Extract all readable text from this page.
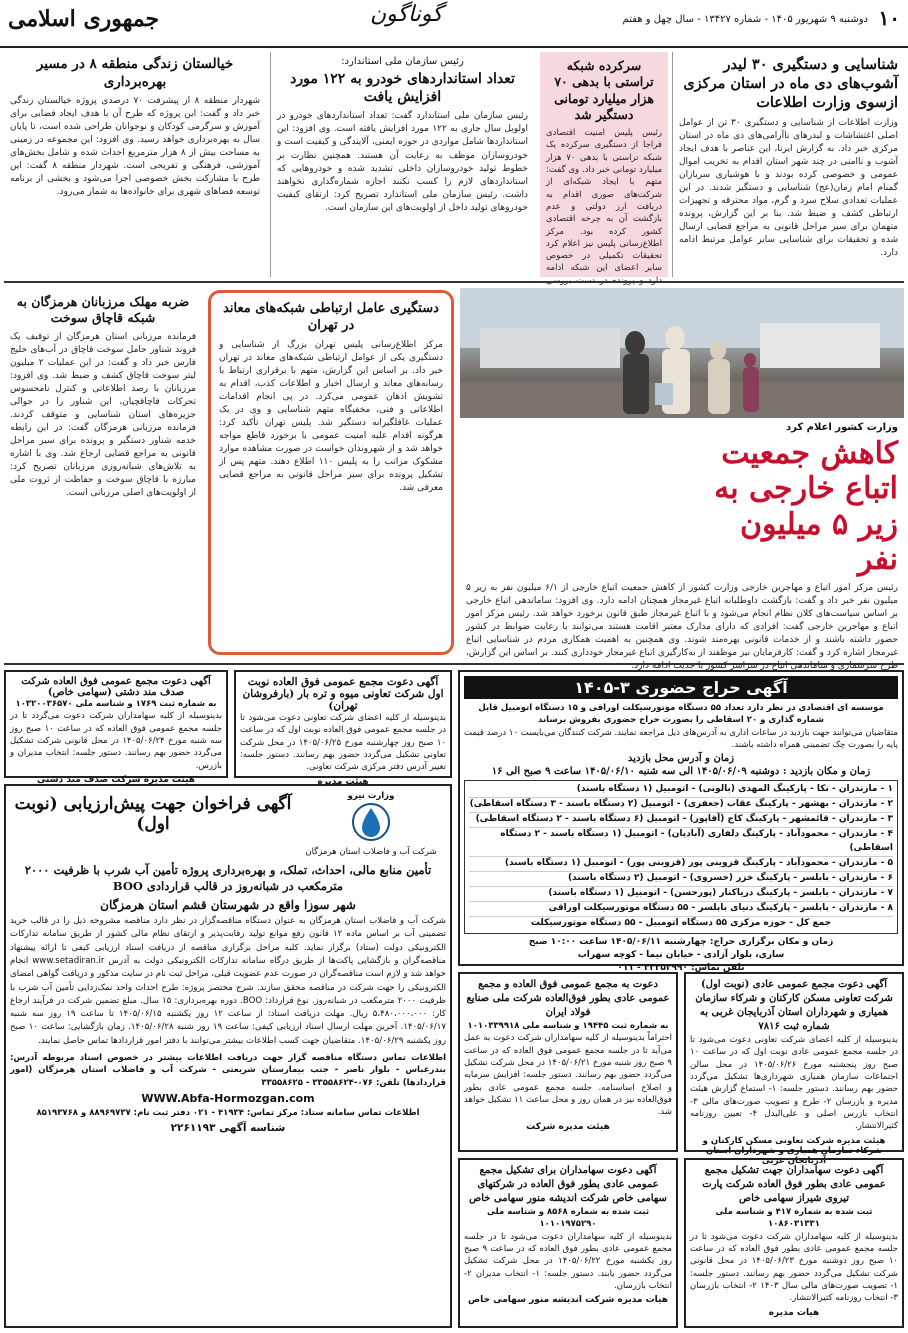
۱۰
دوشنبه ۹ شهریور ۱۴۰۵ - شماره ۱۳۴۲۷ - سال چهل و هفتم
گوناگون
جمهوری اسلامی
شناسایی و دستگیری ۳۰ لیدر آشوب‌های دی ماه در استان مرکزی ازسوی وزارت اطلاعات
وزارت اطلاعات از شناسایی و دستگیری ۳۰ تن از عوامل اصلی اغتشاشات و لیدرهای ناآرامی‌های دی ماه در استان مرکزی خبر داد. به گزارش ایرنا، این عناصر با هدف ایجاد آشوب و ناامنی در چند شهر استان اقدام به تخریب اموال عمومی و خصوصی کرده بودند و با هوشیاری سربازان گمنام امام زمان(عج) شناسایی و دستگیر شدند. در این عملیات تعدادی سلاح سرد و گرم، مواد محترقه و تجهیزات ارتباطی کشف و ضبط شد. بنا بر این گزارش، پرونده متهمان برای سیر مراحل قانونی به مراجع قضایی ارسال شده و تحقیقات برای شناسایی سایر عوامل مرتبط ادامه دارد.
سرکرده شبکه تراستی با بدهی ۷۰ هزار میلیارد تومانی دستگیر شد
رئیس پلیس امنیت اقتصادی فراجا از دستگیری سرکرده یک شبکه تراستی با بدهی ۷۰ هزار میلیارد تومانی خبر داد. وی گفت: متهم با ایجاد شبکه‌ای از شرکت‌های صوری اقدام به دریافت ارز دولتی و عدم بازگشت آن به چرخه اقتصادی کشور کرده بود. مرکز اطلاع‌رسانی پلیس نیز اعلام کرد تحقیقات تکمیلی در خصوص سایر اعضای این شبکه ادامه دارد و پرونده در دست بررسی
رئیس سازمان ملی استاندارد:
تعداد استانداردهای خودرو به ۱۲۲ مورد افزایش یافت
رئیس سازمان ملی استاندارد گفت: تعداد استانداردهای خودرو در اولویل سال جاری به ۱۲۲ مورد افزایش یافته است. وی افزود: این استانداردها شامل مواردی در حوزه ایمنی، آلایندگی و کیفیت است و خودروسازان موظف به رعایت آن هستند. همچنین نظارت بر خطوط تولید خودروسازان داخلی تشدید شده و خودروهایی که استانداردهای لازم را کسب نکنند اجازه شماره‌گذاری نخواهند داشت. رئیس سازمان ملی استاندارد تصریح کرد: ارتقای کیفیت خودروهای تولید داخل از اولویت‌های این سازمان است.
خیالستان زندگی منطقه ۸ در مسیر بهره‌برداری
شهردار منطقه ۸ از پیشرفت ۷۰ درصدی پروژه خیالستان زندگی خبر داد و گفت: این پروژه که طرح آن با هدف ایجاد فضایی برای آموزش و سرگرمی کودکان و نوجوانان طراحی شده است، تا پایان سال به بهره‌برداری خواهد رسید. وی افزود: این مجموعه در زمینی به مساحت بیش از ۸ هزار مترمربع احداث شده و شامل بخش‌های آموزشی، فرهنگی و تفریحی است. شهردار منطقه ۸ گفت: این طرح با مشارکت بخش خصوصی اجرا می‌شود و بخشی از برنامه توسعه فضاهای شهری برای خانواده‌ها به شمار می‌رود.
وزارت کشور اعلام کرد
کاهش جمعیت اتباع خارجی به زیر ۵ میلیون نفر
رئیس مرکز امور اتباع و مهاجرین خارجی وزارت کشور از کاهش جمعیت اتباع خارجی از ۶/۱ میلیون نفر به زیر ۵ میلیون نفر خبر داد و گفت: بازگشت داوطلبانه اتباع غیرمجاز همچنان ادامه دارد. وی افزود: ساماندهی اتباع خارجی بر اساس سیاست‌های کلان نظام انجام می‌شود و با اتباع غیرمجاز طبق قانون برخورد خواهد شد. رئیس مرکز امور اتباع و مهاجرین خارجی گفت: افرادی که دارای مدارک معتبر اقامت هستند می‌توانند با رعایت ضوابط در کشور حضور داشته باشند و از خدمات قانونی بهره‌مند شوند. وی همچنین به اهمیت همکاری مردم در شناسایی اتباع غیرمجاز اشاره کرد و گفت: کارفرمایان نیز موظفند از به‌کارگیری اتباع غیرمجاز خودداری کنند. بر اساس این گزارش، طرح سرشماری و ساماندهی اتباع در سراسر کشور با جدیت ادامه دارد.
دستگیری عامل ارتباطی شبکه‌های معاند در تهران
مرکز اطلاع‌رسانی پلیس تهران بزرگ از شناسایی و دستگیری یکی از عوامل ارتباطی شبکه‌های معاند در تهران خبر داد. بر اساس این گزارش، متهم با برقراری ارتباط با رسانه‌های معاند و ارسال اخبار و اطلاعات کذب، اقدام به تشویش اذهان عمومی می‌کرد. در پی انجام اقدامات اطلاعاتی و فنی، مخفیگاه متهم شناسایی و وی در یک عملیات غافلگیرانه دستگیر شد. پلیس تهران تأکید کرد: هرگونه اقدام علیه امنیت عمومی با برخورد قاطع مواجه خواهد شد و از شهروندان خواست در صورت مشاهده موارد مشکوک مراتب را به پلیس ۱۱۰ اطلاع دهند. متهم پس از تشکیل پرونده برای سیر مراحل قانونی به مراجع قضایی معرفی شد.
ضربه مهلک مرزبانان هرمزگان به شبکه قاچاق سوخت
فرمانده مرزبانی استان هرمزگان از توقیف یک فروند شناور حامل سوخت قاچاق در آب‌های خلیج فارس خبر داد و گفت: در این عملیات ۲ میلیون لیتر سوخت قاچاق کشف و ضبط شد. وی افزود: مرزبانان با رصد اطلاعاتی و کنترل نامحسوس تحرکات قاچاقچیان، این شناور را در حوالی جزیره‌های استان شناسایی و متوقف کردند. فرمانده مرزبانی هرمزگان گفت: در این رابطه خدمه شناور دستگیر و پرونده برای سیر مراحل قانونی به مراجع قضایی ارجاع شد. وی با اشاره به تلاش‌های شبانه‌روزی مرزبانان تصریح کرد: مبارزه با قاچاق سوخت و حفاظت از ثروت ملی از اولویت‌های اصلی مرزبانی است.
آگهی حراج حضوری ۳-۱۴۰۵
موسسه ای اقتصادی در نظر دارد تعداد ۵۵ دستگاه موتورسیکلت اوراقی و ۱۵ دستگاه اتومبیل قابل شماره گذاری و ۲۰ اسقاطی را بصورت حراج حضوری بفروش برساند
متقاضیان می‌توانند جهت بازدید در ساعات اداری به آدرس‌های ذیل مراجعه نمایند. شرکت کنندگان می‌بایست ۱۰ درصد قیمت پایه را بصورت چک تضمینی همراه داشته باشند.
زمان و آدرس محل بازدید
زمان و مکان بازدید : دوشنبه ۱۴۰۵/۰۶/۰۹ الی سه شنبه ۱۴۰۵/۰۶/۱۰ ساعت ۹ صبح الی ۱۶
۱ - مازندران - نکا - پارکینگ المهدی (بالونی) - اتومبیل (۱ دستگاه باسند)
۲ - مازندران - بهشهر - پارکینگ عقاب (جعفری) - اتومبیل (۲ دستگاه باسند - ۳ دستگاه اسقاطی)
۳ - مازندران - قائمشهر - پارکینگ کاج (آقاپور) - اتومبیل (۶ دستگاه باسند - ۲ دستگاه اسقاطی)
۴ - مازندران - محمودآباد - پارکینگ دلفاری (آبادیان) - اتومبیل (۱ دستگاه باسند - ۲ دستگاه اسقاطی)
۵ - مازندران - محمودآباد - پارکینگ قزوینی پور (قزوینی پور) - اتومبیل (۱ دستگاه باسند)
۶ - مازندران - بابلسر - پارکینگ خزر (خسروی) - اتومبیل (۲ دستگاه باسند)
۷ - مازندران - بابلسر - پارکینگ دریاکنار (پورحسن) - اتومبیل (۱ دستگاه باسند)
۸ - مازندران - بابلسر - پارکینگ دنیای بابلسر - ۵۵ دستگاه موتورسیکلت اوراقی
جمع کل - حوزه مرکزی ۵۵ دستگاه اتومبیل - ۵۵ دستگاه موتورسیکلت
زمان و مکان برگزاری حراج: چهارشنبه ۱۴۰۵/۰۶/۱۱ ساعت ۱۰:۰۰ صبح
ساری، بلوار آزادی - خیابان نیما - کوچه سهراب
تلفن تماس: ۳۳۳۵۲۹۹۰ - ۰۱۱
آگهی دعوت مجمع عمومی فوق العاده نوبت اول شرکت تعاونی میوه و تره بار (بارفروشان تهران)
بدینوسیله از کلیه اعضای شرکت تعاونی دعوت می‌شود تا در جلسه مجمع عمومی فوق العاده نوبت اول که در ساعت ۱۰ صبح روز چهارشنبه مورخ ۱۴۰۵/۰۶/۲۵ در محل شرکت تعاونی تشکیل می‌گردد حضور بهم رسانند. دستور جلسه: تغییر آدرس دفتر مرکزی شرکت تعاونی.
هیئت مدیره
آگهی دعوت مجمع عمومی فوق العاده شرکت صدف مند دشتی (سهامی خاص)
به شماره ثبت ۱۷۶۹ و شناسه ملی ۱۰۳۲۰۰۳۶۵۷۰
بدینوسیله از کلیه سهامداران شرکت دعوت می‌گردد تا در جلسه مجمع عمومی فوق العاده که در ساعت ۱۰ صبح روز سه شنبه مورخ ۱۴۰۵/۰۶/۲۴ در محل قانونی شرکت تشکیل می‌گردد حضور بهم رسانند. دستور جلسه: انتخاب مدیران و بازرس.
هیئت مدیره شرکت صدف مند دشتی
وزارت نیرو
شرکت آب و فاضلاب استان هرمزگان
آگهی فراخوان جهت پیش‌ارزیابی (نوبت اول)
تأمین منابع مالی، احداث، تملک، و بهره‌برداری پروژه تأمین آب شرب با ظرفیت ۲۰۰۰ مترمکعب در شبانه‌روز در قالب قراردادی BOO
شهر سوزا واقع در شهرستان قشم استان هرمزگان
شرکت آب و فاضلاب استان هرمزگان به عنوان دستگاه مناقصه‌گزار در نظر دارد مناقصه مشروحه ذیل را در قالب خرید تضمینی آب بر اساس ماده ۱۲ قانون رفع موانع تولید رقابت‌پذیر و ارتقای نظام مالی کشور از طریق سامانه تدارکات الکترونیکی دولت (ستاد) برگزار نماید. کلیه مراحل برگزاری مناقصه از دریافت اسناد ارزیابی کیفی تا ارائه پیشنهاد مناقصه‌گران و بازگشایی پاکت‌ها از طریق درگاه سامانه تدارکات الکترونیکی دولت به آدرس www.setadiran.ir انجام خواهد شد و لازم است مناقصه‌گران در صورت عدم عضویت قبلی، مراحل ثبت نام در سایت مذکور و دریافت گواهی امضای الکترونیکی را جهت شرکت در مناقصه محقق سازند. شرح مختصر پروژه: طرح احداث واحد نمک‌زدایی تأمین آب شرب با ظرفیت ۲۰۰۰ مترمکعب در شبانه‌روز. نوع قرارداد: BOO. دوره بهره‌برداری: ۱۵ سال. مبلغ تضمین شرکت در فرآیند ارجاع کار: ۵،۴۸۰،۰۰۰،۰۰۰ ریال. مهلت دریافت اسناد: از ساعت ۱۲ روز یکشنبه ۱۴۰۵/۰۶/۱۵ تا ساعت ۱۹ روز سه شنبه ۱۴۰۵/۰۶/۱۷. آخرین مهلت ارسال اسناد ارزیابی کیفی: ساعت ۱۹ روز شنبه ۱۴۰۵/۰۶/۲۸. زمان بازگشایی: ساعت ۱۰ صبح روز یکشنبه ۱۴۰۵/۰۶/۲۹. متقاضیان جهت کسب اطلاعات بیشتر می‌توانند با دفتر امور قراردادها تماس حاصل نمایند.
اطلاعات تماس دستگاه مناقصه گزار جهت دریافت اطلاعات بیشتر در خصوص اسناد مربوطه آدرس: بندرعباس - بلوار ناصر - جنب بیمارستان شریعتی - شرکت آب و فاضلاب استان هرمزگان (امور قراردادها) تلفن: ۰۷۶-۳۳۵۵۸۶۲۴ - ۳۳۵۵۸۶۲۵
WWW.Abfa-Hormozgan.com
اطلاعات تماس سامانه ستاد: مرکز تماس: ۴۱۹۳۴ - ۰۲۱ دفتر ثبت نام: ۸۸۹۶۹۷۳۷ و ۸۵۱۹۳۷۶۸
شناسه آگهی ۲۲۶۱۱۹۳
آگهی دعوت مجمع عمومی عادی (نوبت اول) شرکت تعاونی مسکن کارکنان و شرکاء سازمان همیاری و شهرداران استان آذربایجان غربی به شماره ثبت ۷۸۱۶
بدینوسیله از کلیه اعضای شرکت تعاونی دعوت می‌شود تا در جلسه مجمع عمومی عادی نوبت اول که در ساعت ۱۰ صبح روز پنجشنبه مورخ ۱۴۰۵/۰۶/۲۶ در محل سالن اجتماعات سازمان همیاری شهرداری‌ها تشکیل می‌گردد حضور بهم رسانند. دستور جلسه: ۱- استماع گزارش هیئت مدیره و بازرسان ۲- طرح و تصویب صورت‌های مالی ۳- انتخاب بازرس اصلی و علی‌البدل ۴- تعیین روزنامه کثیرالانتشار.
هیئت مدیره شرکت تعاونی مسکن کارکنان و شرکاء سازمان همیاری و شهرداران استان آذربایجان غربی
دعوت به مجمع عمومی فوق العاده و مجمع عمومی عادی بطور فوق‌العاده شرکت ملی صنایع فولاد ایران
به شماره ثبت ۱۹۴۴۵ و شناسه ملی ۱۰۱۰۳۳۹۹۱۸
احتراماً بدینوسیله از کلیه سهامداران شرکت دعوت به عمل می‌آید تا در جلسه مجمع عمومی فوق العاده که در ساعت ۹ صبح روز شنبه مورخ ۱۴۰۵/۰۶/۲۱ در محل شرکت تشکیل می‌گردد حضور بهم رسانند. دستور جلسه: افزایش سرمایه و اصلاح اساسنامه. جلسه مجمع عمومی عادی بطور فوق‌العاده نیز در همان روز و محل ساعت ۱۱ تشکیل خواهد شد.
هیئت مدیره شرکت
آگهی دعوت سهامداران جهت تشکیل مجمع عمومی عادی بطور فوق العاده شرکت پارت تیروی شیراز سهامی خاص
ثبت شده به شماره ۴۱۷ و شناسه ملی ۱۰۸۶۰۳۱۳۳۱
بدینوسیله از کلیه سهامداران شرکت دعوت می‌شود تا در جلسه مجمع عمومی عادی بطور فوق العاده که در ساعت ۱۰ صبح روز دوشنبه مورخ ۱۴۰۵/۰۶/۲۳ در محل قانونی شرکت تشکیل می‌گردد حضور بهم رسانند. دستور جلسه: ۱- تصویب صورت‌های مالی سال ۱۴۰۳ ۲- انتخاب بازرسان ۳- انتخاب روزنامه کثیرالانتشار.
هیات مدیره
آگهی دعوت سهامداران برای تشکیل مجمع عمومی عادی بطور فوق العاده در شرکتهای سهامی خاص شرکت اندیشه منور سهامی خاص
ثبت شده به شماره ۸۵۶۸ و شناسه ملی ۱۰۱۰۱۹۷۵۲۹۰
بدینوسیله از کلیه سهامداران دعوت می‌شود تا در جلسه مجمع عمومی عادی بطور فوق العاده که در ساعت ۹ صبح روز یکشنبه مورخ ۱۴۰۵/۰۶/۲۲ در محل شرکت تشکیل می‌گردد حضور یابند. دستور جلسه: ۱- انتخاب مدیران ۲- انتخاب بازرسان.
هیات مدیره شرکت اندیشه منور سهامی خاص
